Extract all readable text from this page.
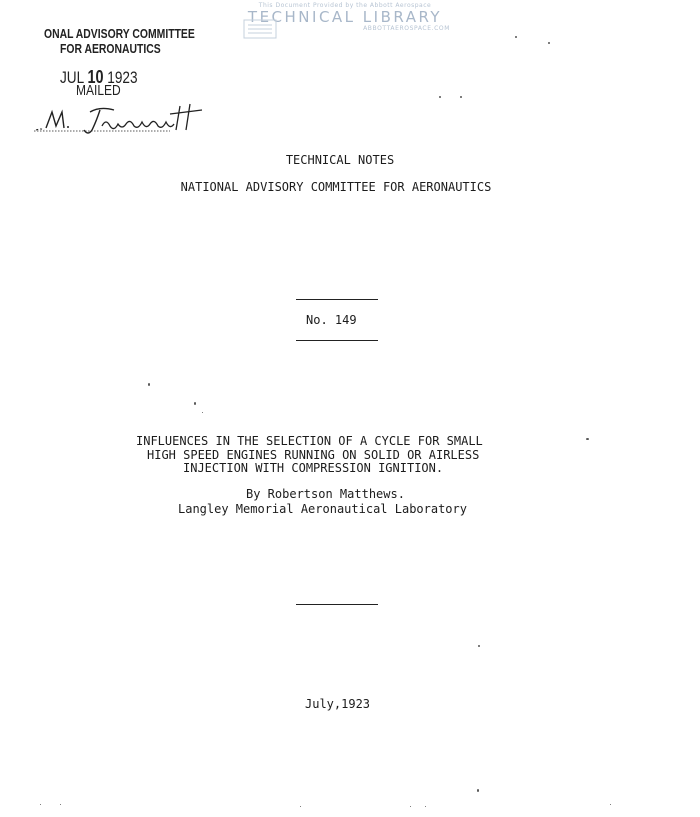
This Document Provided by the Abbott Aerospace
TECHNICAL LIBRARY
ABBOTTAEROSPACE.COM
ONAL ADVISORY COMMITTEE
FOR AERONAUTICS
JUL 10 1923
MAILED
TECHNICAL NOTES
NATIONAL ADVISORY COMMITTEE FOR AERONAUTICS
No. 149
INFLUENCES IN THE SELECTION OF A CYCLE FOR SMALL
HIGH SPEED ENGINES RUNNING ON SOLID OR AIRLESS
INJECTION WITH COMPRESSION IGNITION.
By Robertson Matthews.
Langley Memorial Aeronautical Laboratory
July,1923
